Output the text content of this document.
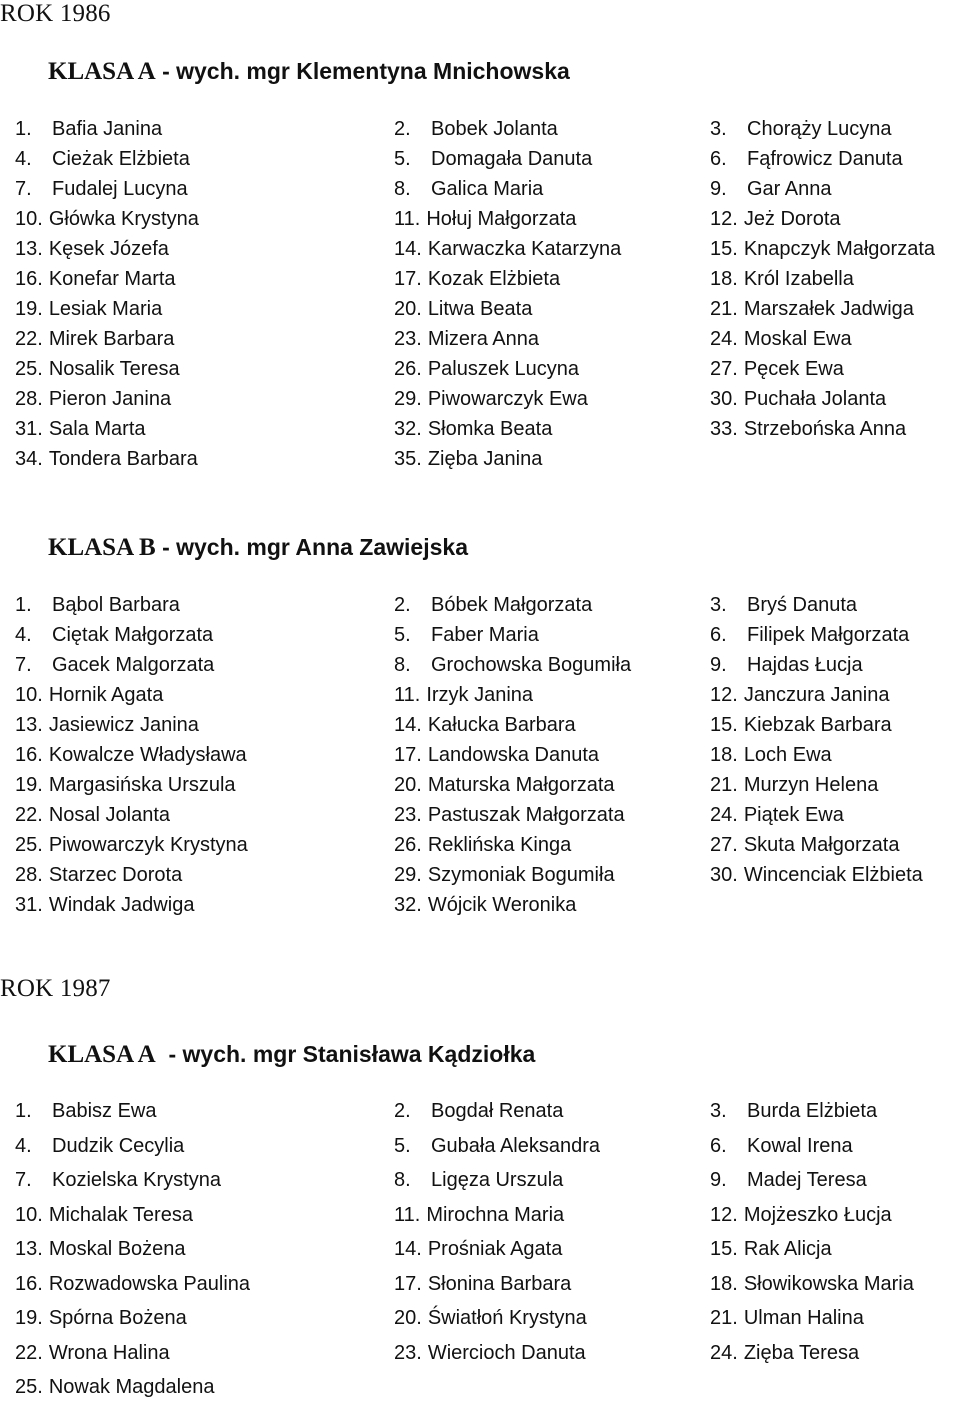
ROK 1986
KLASA A - wych. mgr Klementyna Mnichowska
1. Bafia Janina	2. Bobek Jolanta	3. Chorąży Lucyna
4. Cieżak Elżbieta	5. Domagała Danuta	6. Fąfrowicz Danuta
7. Fudalej Lucyna	8. Galica Maria	9. Gar Anna
10. Główka Krystyna	11. Hołuj Małgorzata	12. Jeż Dorota
13. Kęsek Józefa	14. Karwaczka Katarzyna	15. Knapczyk Małgorzata
16. Konefar Marta	17. Kozak Elżbieta	18. Król Izabella
19. Lesiak Maria	20. Litwa Beata	21. Marszałek Jadwiga
22. Mirek Barbara	23. Mizera Anna	24. Moskal Ewa
25. Nosalik Teresa	26. Paluszek Lucyna	27. Pęcek Ewa
28. Pieron Janina	29. Piwowarczyk Ewa	30. Puchała Jolanta
31. Sala Marta	32. Słomka Beata	33. Strzebońska Anna
34. Tondera Barbara	35. Zięba Janina
KLASA B - wych. mgr Anna Zawiejska
1. Bąbol Barbara	2. Bóbek Małgorzata	3. Bryś Danuta
4. Ciętak Małgorzata	5. Faber Maria	6. Filipek Małgorzata
7. Gacek Malgorzata	8. Grochowska Bogumiła	9. Hajdas Łucja
10. Hornik Agata	11. Irzyk Janina	12. Janczura Janina
13. Jasiewicz Janina	14. Kałucka Barbara	15. Kiebzak Barbara
16. Kowalcze Władysława	17. Landowska Danuta	18. Loch Ewa
19. Margasińska Urszula	20. Maturska Małgorzata	21. Murzyn Helena
22. Nosal Jolanta	23. Pastuszak Małgorzata	24. Piątek Ewa
25. Piwowarczyk Krystyna	26. Reklińska Kinga	27. Skuta Małgorzata
28. Starzec Dorota	29. Szymoniak Bogumiła	30. Wincenciak Elżbieta
31. Windak Jadwiga	32. Wójcik Weronika
ROK 1987
KLASA A  - wych. mgr Stanisława Kądziołka
1. Babisz Ewa	2. Bogdał Renata	3. Burda Elżbieta
4. Dudzik Cecylia	5. Gubała Aleksandra	6. Kowal Irena
7. Kozielska Krystyna	8. Ligęza Urszula	9. Madej Teresa
10. Michalak Teresa	11. Mirochna Maria	12. Mojżeszko Łucja
13. Moskal Bożena	14. Prośniak Agata	15. Rak Alicja
16. Rozwadowska Paulina	17. Słonina Barbara	18. Słowikowska Maria
19. Spórna Bożena	20. Światłoń Krystyna	21. Ulman Halina
22. Wrona Halina	23. Wiercioch Danuta	24. Zięba Teresa
25. Nowak Magdalena
